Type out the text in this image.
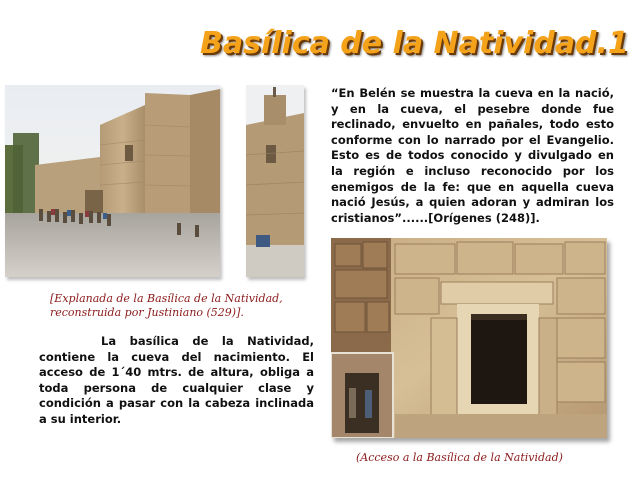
Basílica de la Natividad.1
“En Belén se muestra la cueva en la nació, y en la cueva, el pesebre donde fue reclinado, envuelto en pañales, todo esto conforme con lo narrado por el Evangelio. Esto es de todos conocido y divulgado en la región e incluso reconocido por los enemigos de la fe: que en aquella cueva nació Jesús, a quien adoran y admiran los cristianos”......[Orígenes (248)].
[Explanada de la Basílica de la Natividad, reconstruida por Justiniano (529)].
La basílica de la Natividad, contiene la cueva del nacimiento. El acceso de 1´40 mtrs. de altura, obliga a toda persona de cualquier clase y condición a pasar con la cabeza inclinada a su interior.
(Acceso a la Basílica de la Natividad)
